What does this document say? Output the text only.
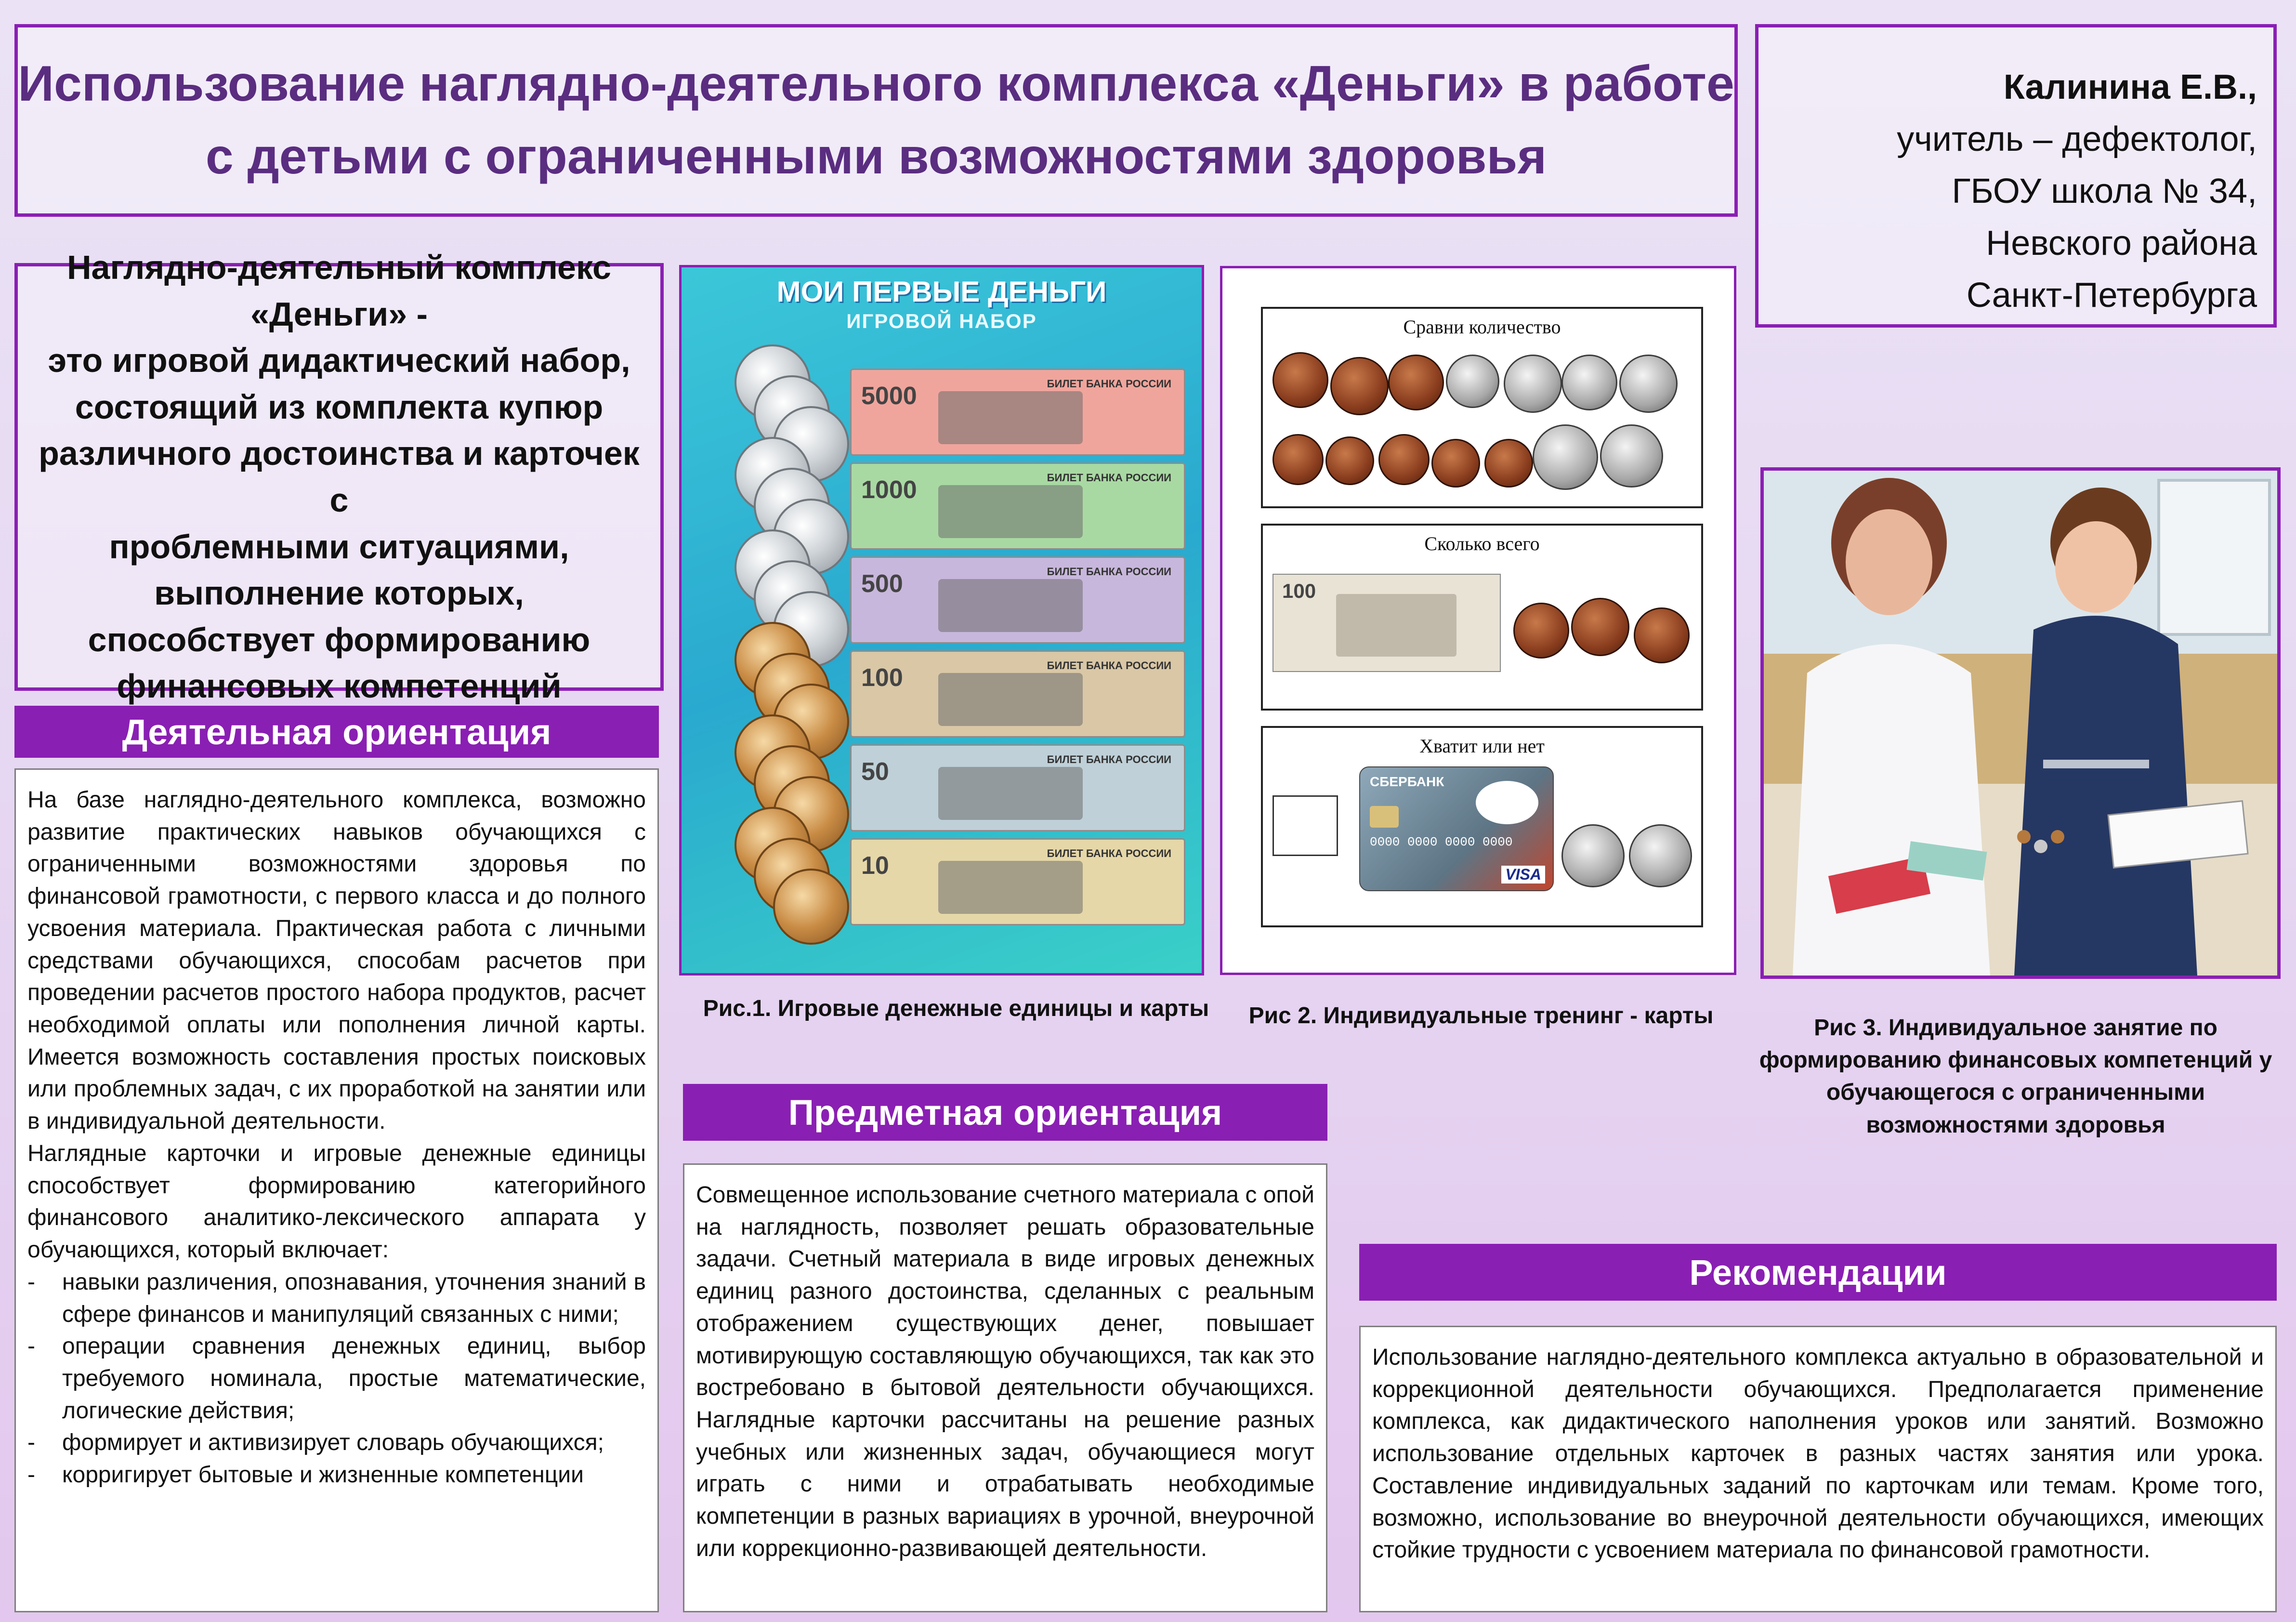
Использование наглядно-деятельного комплекса «Деньги» в работе с детьми с ограниченными возможностями здоровья
Калинина Е.В.,
учитель – дефектолог,
ГБОУ школа № 34,
Невского района
Санкт-Петербурга
Наглядно-деятельный комплекс
«Деньги» -
это игровой дидактический набор,
состоящий из комплекта купюр
различного достоинства и карточек с
проблемными ситуациями,
выполнение которых,
способствует формированию
финансовых компетенций
Деятельная ориентация

На базе наглядно-деятельного комплекса, возможно развитие практических навыков обучающихся с ограниченными возможностями здоровья по финансовой грамотности, с первого класса и до полного усвоения материала. Практическая работа с личными средствами обучающихся, способам расчетов при проведении расчетов простого набора продуктов, расчет необходимой оплаты или пополнения личной карты. Имеется возможность составления простых поисковых или проблемных задач, с их проработкой на занятии или в индивидуальной деятельности.

Наглядные карточки и игровые денежные единицы способствует формированию категорийного финансового аналитико-лексического аппарата у обучающихся, который включает:

- навыки различения, опознавания, уточнения знаний в сфере финансов и манипуляций связанных с ними;
- операции сравнения денежных единиц, выбор требуемого номинала, простые математические, логические действия;
- формирует и активизирует словарь обучающихся;
- корригирует бытовые и жизненные компетенции
МОИ ПЕРВЫЕ ДЕНЬГИ
ИГРОВОЙ НАБОР
5000	БИЛЕТ БАНКА РОССИИ
1000	БИЛЕТ БАНКА РОССИИ
500	БИЛЕТ БАНКА РОССИИ
100	БИЛЕТ БАНКА РОССИИ
50	БИЛЕТ БАНКА РОССИИ
10	БИЛЕТ БАНКА РОССИИ
Рис.1. Игровые денежные единицы и карты
Сравни количество
Сколько всего
100
Хватит или нет
СБЕРБАНК
0000 0000 0000 0000
VISA
Рис 2. Индивидуальные тренинг - карты	Рис 3. Индивидуальное занятие по формированию финансовых компетенций у обучающегося с ограниченными возможностями здоровья
Предметная ориентация

Совмещенное использование счетного материала с опой на наглядность, позволяет решать образовательные задачи. Счетный материала в виде игровых денежных единиц разного достоинства, сделанных с реальным отображением существующих денег, повышает мотивирующую составляющую обучающихся, так как это востребовано в бытовой деятельности обучающихся. Наглядные карточки рассчитаны на решение разных учебных или жизненных задач, обучающиеся могут играть с ними и отрабатывать необходимые компетенции в разных вариациях в урочной, внеурочной или коррекционно-развивающей деятельности.

Рекомендации

Использование наглядно-деятельного комплекса актуально в образовательной и коррекционной деятельности обучающихся. Предполагается применение комплекса, как дидактического наполнения уроков или занятий. Возможно использование отдельных карточек в разных частях занятия или урока. Составление индивидуальных заданий по карточкам или темам. Кроме того, возможно, использование во внеурочной деятельности обучающихся, имеющих стойкие трудности с усвоением материала по финансовой грамотности.
